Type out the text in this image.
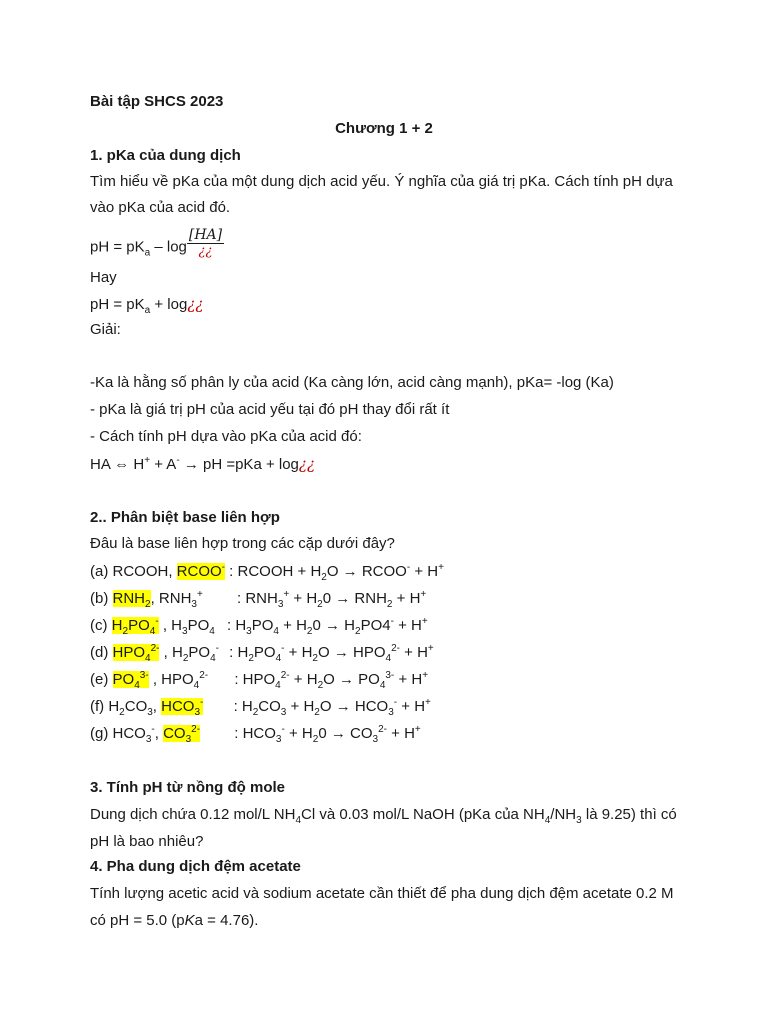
Bài tập SHCS 2023
Chương 1 + 2
1. pKa của dung dịch
Tìm hiểu về pKa của một dung dịch acid yếu. Ý nghĩa của giá trị pKa. Cách tính pH dựa
vào pKa của acid đó.
pH = $pK_a$ – $\log \frac{[HA]}{¿¿}$
Hay
pH = $pK_a$ + log¿¿
Giải:
-Ka là hằng số phân ly của acid (Ka càng lớn, acid càng mạnh), pKa= -log (Ka)
- pKa là giá trị pH của acid yếu tại đó pH thay đổi rất ít
- Cách tính pH dựa vào pKa của acid đó:
HA ⇔ H+ + A- → pH =pKa + log¿¿
2.. Phân biệt base liên hợp
Đâu là base liên hợp trong các cặp dưới đây?
(a) RCOOH, RCOO- : RCOOH + $H_2O$ → RCOO- + H+
(b) $RNH_2$, $RNH_3^+$ : $RNH_3^+ + H_20 \to RNH_2 + H^+$
(c) $H_2PO_4^-$ , $H_3PO_4$ : $H_3PO_4 + H_20 \to H_2PO4^- + H^+$
(d) $HPO_4^{2-}$ , $H_2PO_4^-$ : $H_2PO_4^- + H_2O \to HPO_4^{2-} + H^+$
(e) $PO_4^{3-}$ , $HPO_4^{2-}$ : $HPO_4^{2-} + H_2O \to PO_4^{3-} + H^+$
(f) $H_2CO_3$, $HCO_3^-$ : $H_2CO_3 + H_2O \to HCO_3^- + H^+$
(g) $HCO_3^-$, $CO_3^{2-}$ : $HCO_3^- + H_20 \to CO_3^{2-} + H^+$
3. Tính pH từ nồng độ mole
Dung dịch chứa 0.12 mol/L $NH_4Cl$ và 0.03 mol/L NaOH (pKa của $NH_4/NH_3$ là 9.25) thì có
pH là bao nhiêu?
4. Pha dung dịch đệm acetate
Tính lượng acetic acid và sodium acetate cần thiết để pha dung dịch đệm acetate 0.2 M
có pH = 5.0 (pKa = 4.76).
